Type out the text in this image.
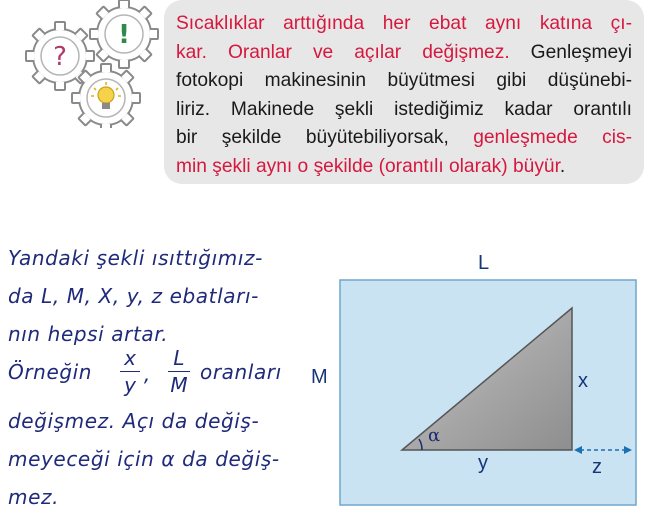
?
! Sıcaklıklar arttığında her ebat aynı katına çı-
kar. Oranlar ve açılar değişmez. Genleşmeyi
fotokopi makinesinin büyütmesi gibi düşünebi-
liriz. Makinede şekli istediğimiz kadar orantılı
bir şekilde büyütebiliyorsak, genleşmede cis-
min şekli aynı o şekilde (orantılı olarak) büyür.
Yandaki şekli ısıttığımız-
da L, M, X, y, z ebatları-
nın hepsi artar.
Örneğin	oranları
değişmez. Açı da değiş-
meyeceği için α da değiş-
mez.
x
y ,
L
M
L
M	x
y	z
α
